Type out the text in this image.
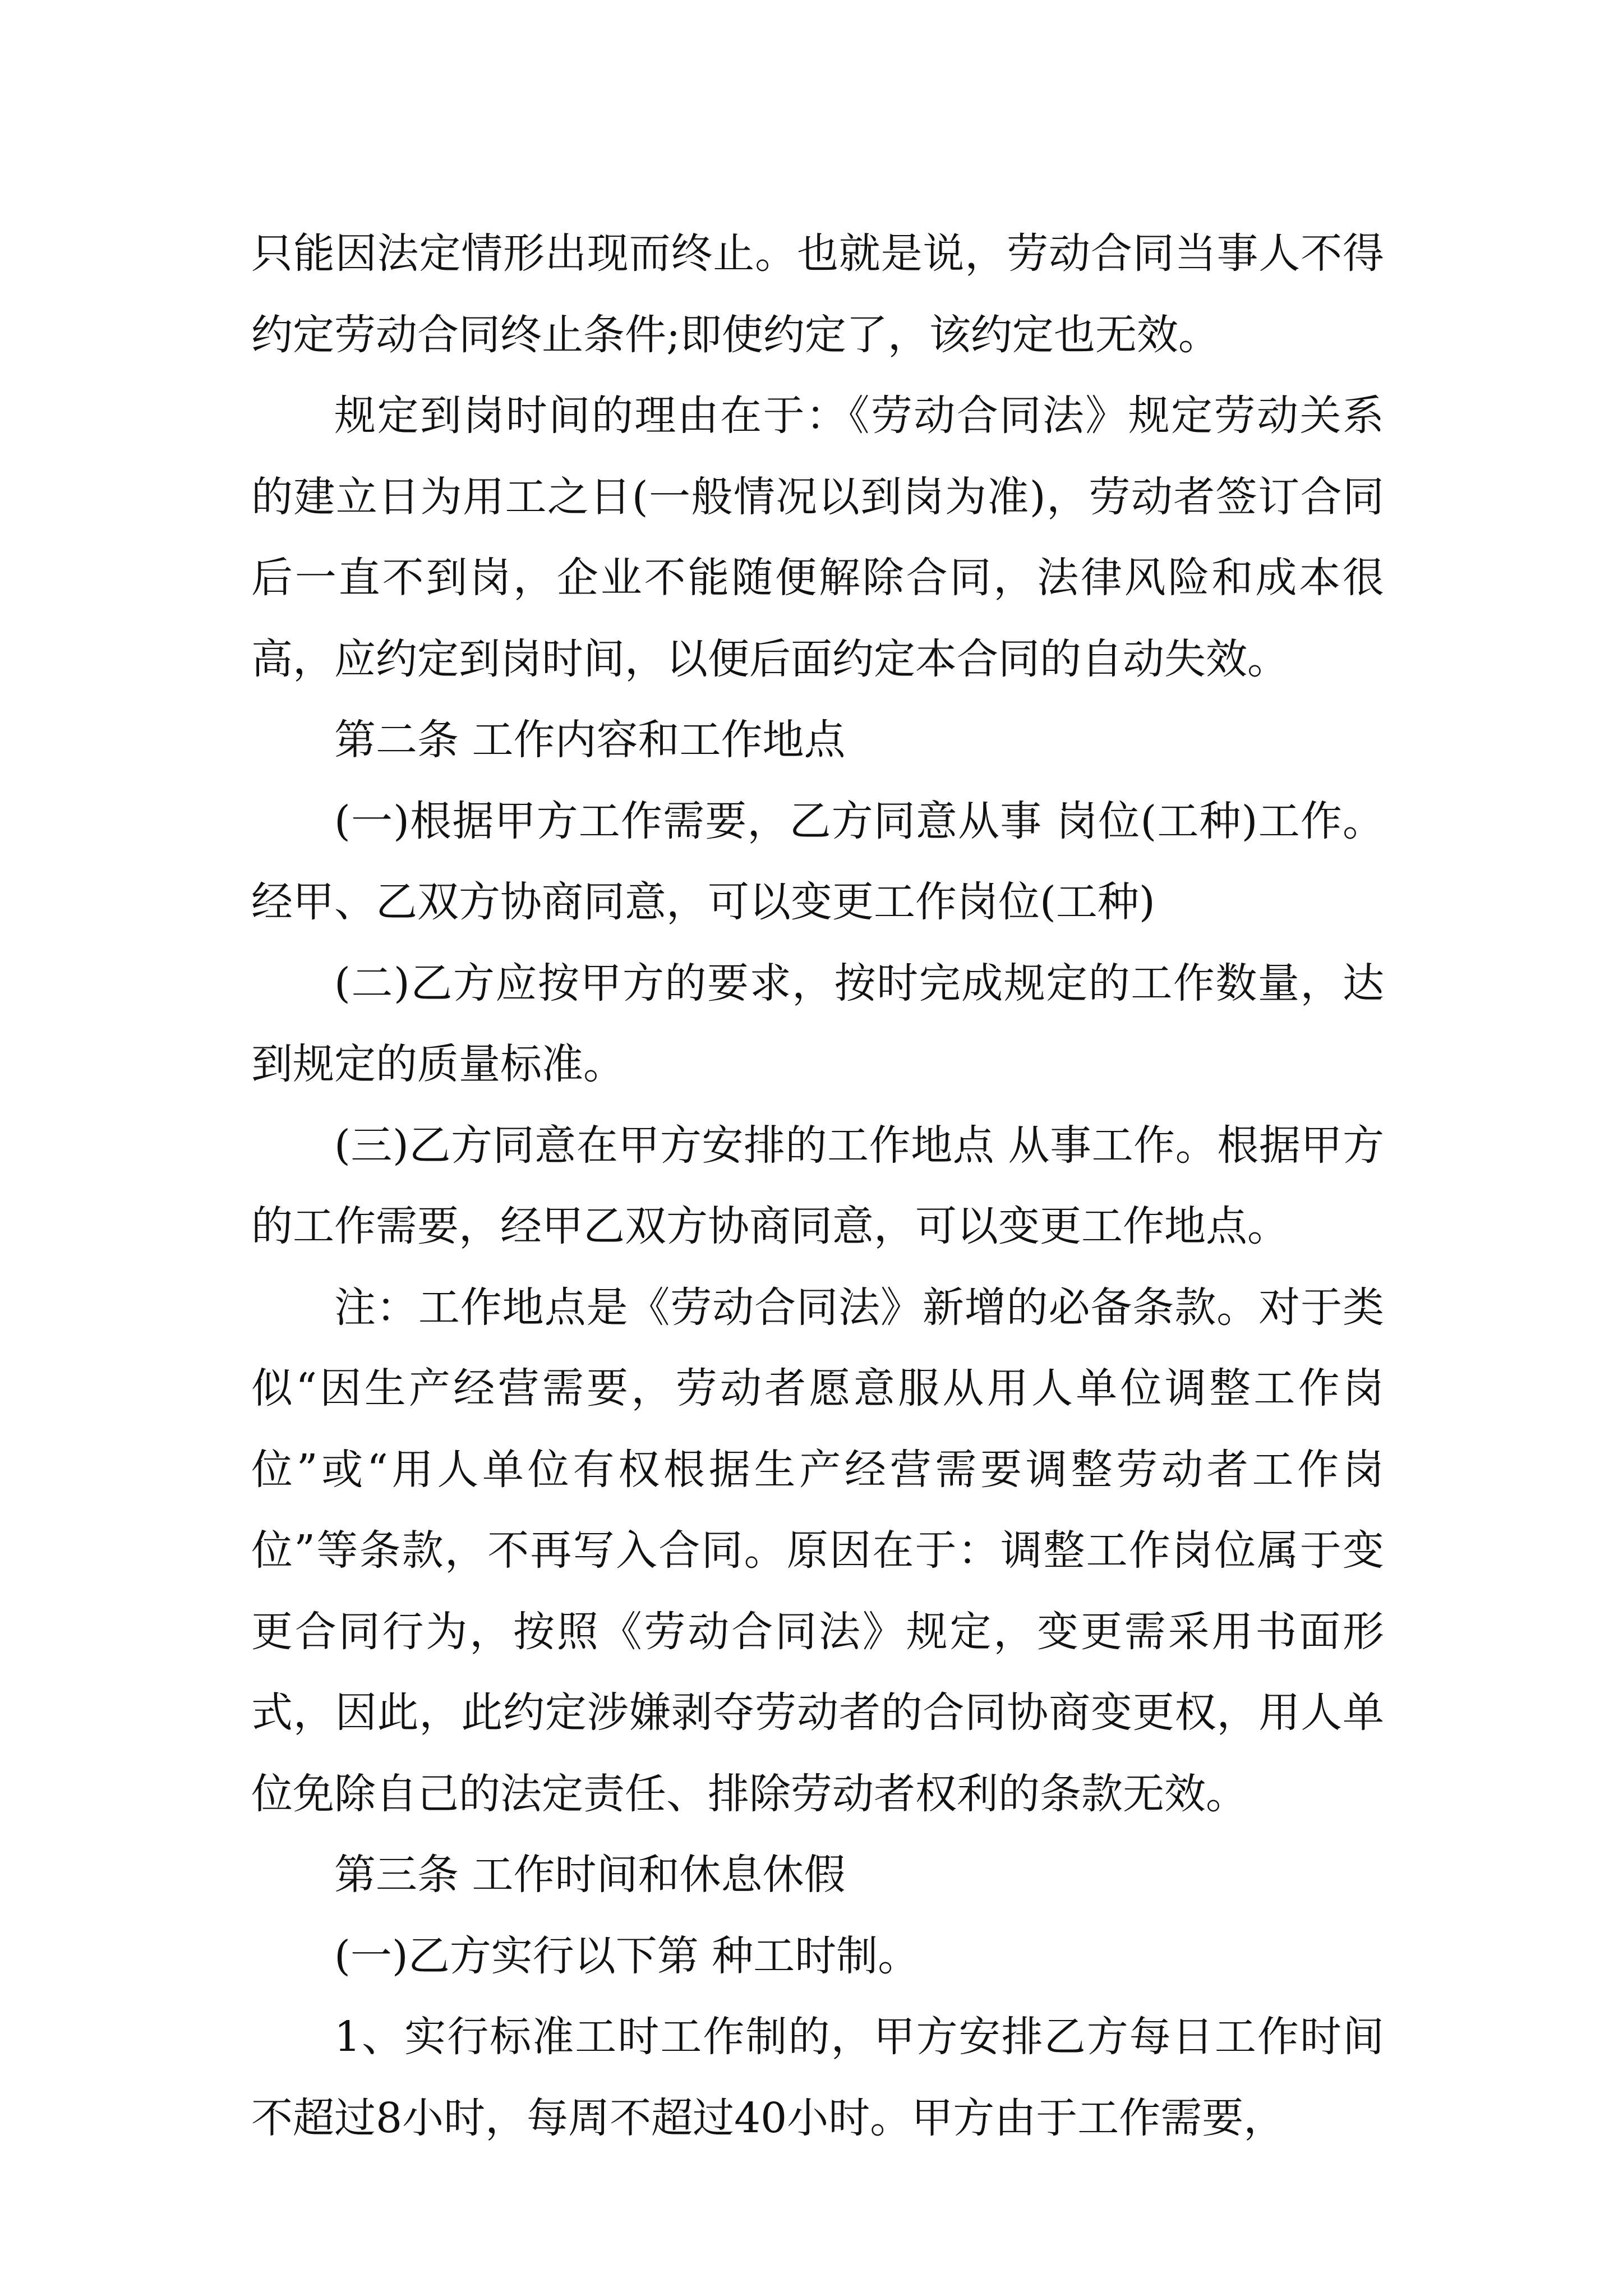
只能因法定情形出现而终止。也就是说，劳动合同当事人不得约定劳动合同终止条件;即使约定了，该约定也无效。

规定到岗时间的理由在于：《劳动合同法》规定劳动关系的建立日为用工之日(一般情况以到岗为准)，劳动者签订合同后一直不到岗，企业不能随便解除合同，法律风险和成本很高，应约定到岗时间，以便后面约定本合同的自动失效。

第二条 工作内容和工作地点

(一)根据甲方工作需要，乙方同意从事 岗位(工种)工作。经甲、乙双方协商同意，可以变更工作岗位(工种)

(二)乙方应按甲方的要求，按时完成规定的工作数量，达到规定的质量标准。

(三)乙方同意在甲方安排的工作地点 从事工作。根据甲方的工作需要，经甲乙双方协商同意，可以变更工作地点。

注：工作地点是《劳动合同法》新增的必备条款。对于类似“因生产经营需要，劳动者愿意服从用人单位调整工作岗位”或“用人单位有权根据生产经营需要调整劳动者工作岗位”等条款，不再写入合同。原因在于：调整工作岗位属于变更合同行为，按照《劳动合同法》规定，变更需采用书面形式，因此，此约定涉嫌剥夺劳动者的合同协商变更权，用人单位免除自己的法定责任、排除劳动者权利的条款无效。

第三条 工作时间和休息休假

(一)乙方实行以下第 种工时制。

1、实行标准工时工作制的，甲方安排乙方每日工作时间不超过8小时，每周不超过40小时。甲方由于工作需要，
